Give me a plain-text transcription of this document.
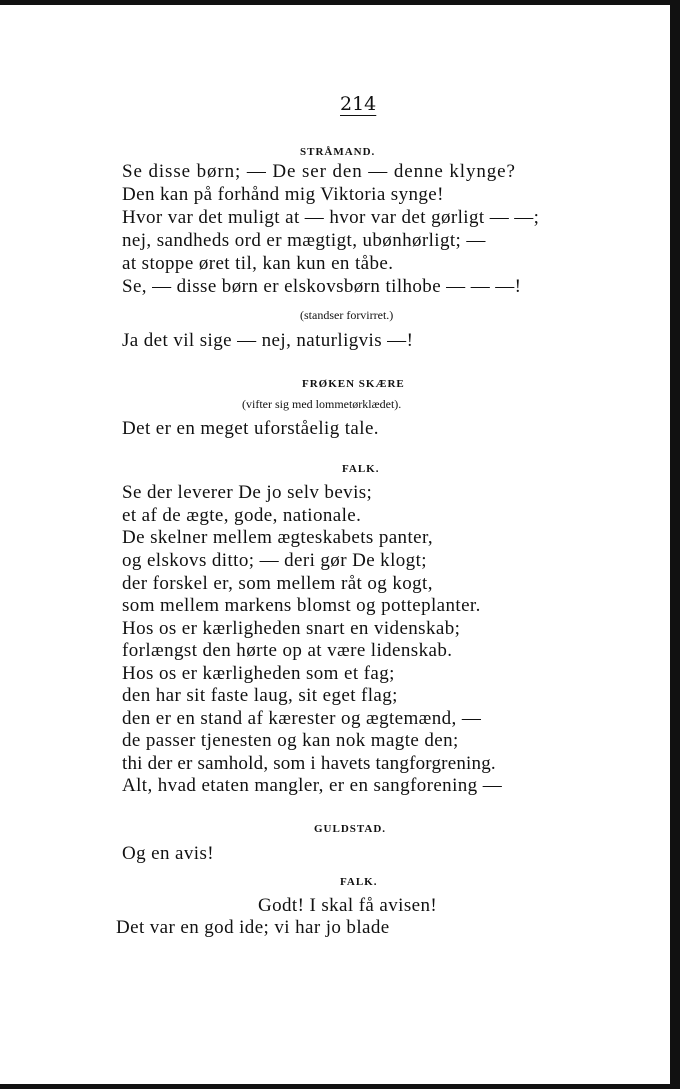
214
STRÅMAND.
Se disse børn; — De ser den — denne klynge?
Den kan på forhånd mig Viktoria synge!
Hvor var det muligt at — hvor var det gørligt — —;
nej, sandheds ord er mægtigt, ubønhørligt; —
at stoppe øret til, kan kun en tåbe.
Se, — disse børn er elskovsbørn tilhobe — — —!
(standser forvirret.)
Ja det vil sige — nej, naturligvis —!
FRØKEN SKÆRE
(vifter sig med lommetørklædet).
Det er en meget uforståelig tale.
FALK.
Se der leverer De jo selv bevis;
et af de ægte, gode, nationale.
De skelner mellem ægteskabets panter,
og elskovs ditto; — deri gør De klogt;
der forskel er, som mellem råt og kogt,
som mellem markens blomst og potteplanter.
Hos os er kærligheden snart en videnskab;
forlængst den hørte op at være lidenskab.
Hos os er kærligheden som et fag;
den har sit faste laug, sit eget flag;
den er en stand af kærester og ægtemænd, —
de passer tjenesten og kan nok magte den;
thi der er samhold, som i havets tangforgrening.
Alt, hvad etaten mangler, er en sangforening —
GULDSTAD.
Og en avis!
FALK.
Godt! I skal få avisen!
Det var en god ide; vi har jo blade
